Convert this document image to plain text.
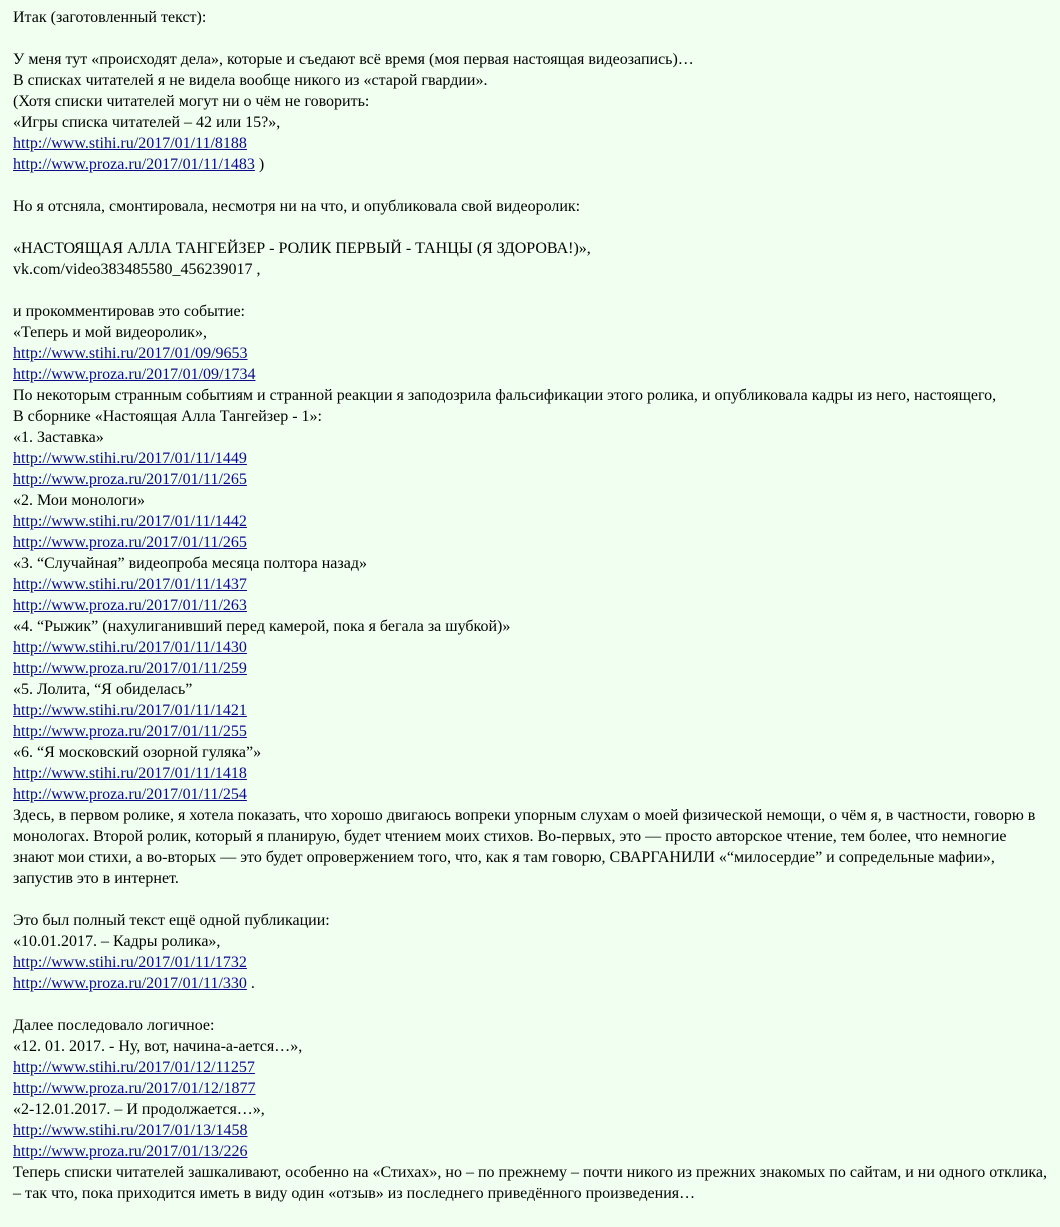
Итак (заготовленный текст):
У меня тут «происходят дела», которые и съедают всё время (моя первая настоящая видеозапись)…
В списках читателей я не видела вообще никого из «старой гвардии».
(Хотя списки читателей могут ни о чём не говорить:
«Игры списка читателей – 42 или 15?»,
http://www.stihi.ru/2017/01/11/8188
http://www.proza.ru/2017/01/11/1483 )
Но я отсняла, смонтировала, несмотря ни на что, и опубликовала свой видеоролик:
«НАСТОЯЩАЯ АЛЛА ТАНГЕЙЗЕР - РОЛИК ПЕРВЫЙ - ТАНЦЫ (Я ЗДОРОВА!)»,
vk.com/video383485580_456239017 ,
и прокомментировав это событие:
«Теперь и мой видеоролик»,
http://www.stihi.ru/2017/01/09/9653
http://www.proza.ru/2017/01/09/1734
По некоторым странным событиям и странной реакции я заподозрила фальсификации этого ролика, и опубликовала кадры из него, настоящего,
В сборнике «Настоящая Алла Тангейзер - 1»:
«1. Заставка»
http://www.stihi.ru/2017/01/11/1449
http://www.proza.ru/2017/01/11/265
«2. Мои монологи»
http://www.stihi.ru/2017/01/11/1442
http://www.proza.ru/2017/01/11/265
«3. “Случайная” видеопроба месяца полтора назад»
http://www.stihi.ru/2017/01/11/1437
http://www.proza.ru/2017/01/11/263
«4. “Рыжик” (нахулиганивший перед камерой, пока я бегала за шубкой)»
http://www.stihi.ru/2017/01/11/1430
http://www.proza.ru/2017/01/11/259
«5. Лолита, “Я обиделась”
http://www.stihi.ru/2017/01/11/1421
http://www.proza.ru/2017/01/11/255
«6. “Я московский озорной гуляка”»
http://www.stihi.ru/2017/01/11/1418
http://www.proza.ru/2017/01/11/254
Здесь, в первом ролике, я хотела показать, что хорошо двигаюсь вопреки упорным слухам о моей физической немощи, о чём я, в частности, говорю в монологах. Второй ролик, который я планирую, будет чтением моих стихов. Во-первых, это — просто авторское чтение, тем более, что немногие знают мои стихи, а во-вторых — это будет опровержением того, что, как я там говорю, СВАРГАНИЛИ «“милосердие” и сопредельные мафии», запустив это в интернет.
Это был полный текст ещё одной публикации:
«10.01.2017. – Кадры ролика»,
http://www.stihi.ru/2017/01/11/1732
http://www.proza.ru/2017/01/11/330 .
Далее последовало логичное:
«12. 01. 2017. - Ну, вот, начина-а-ается…»,
http://www.stihi.ru/2017/01/12/11257
http://www.proza.ru/2017/01/12/1877
«2-12.01.2017. – И продолжается…»,
http://www.stihi.ru/2017/01/13/1458
http://www.proza.ru/2017/01/13/226
Теперь списки читателей зашкаливают, особенно на «Стихах», но – по прежнему – почти никого из прежних знакомых по сайтам, и ни одного отклика, – так что, пока приходится иметь в виду один «отзыв» из последнего приведённого произведения…
